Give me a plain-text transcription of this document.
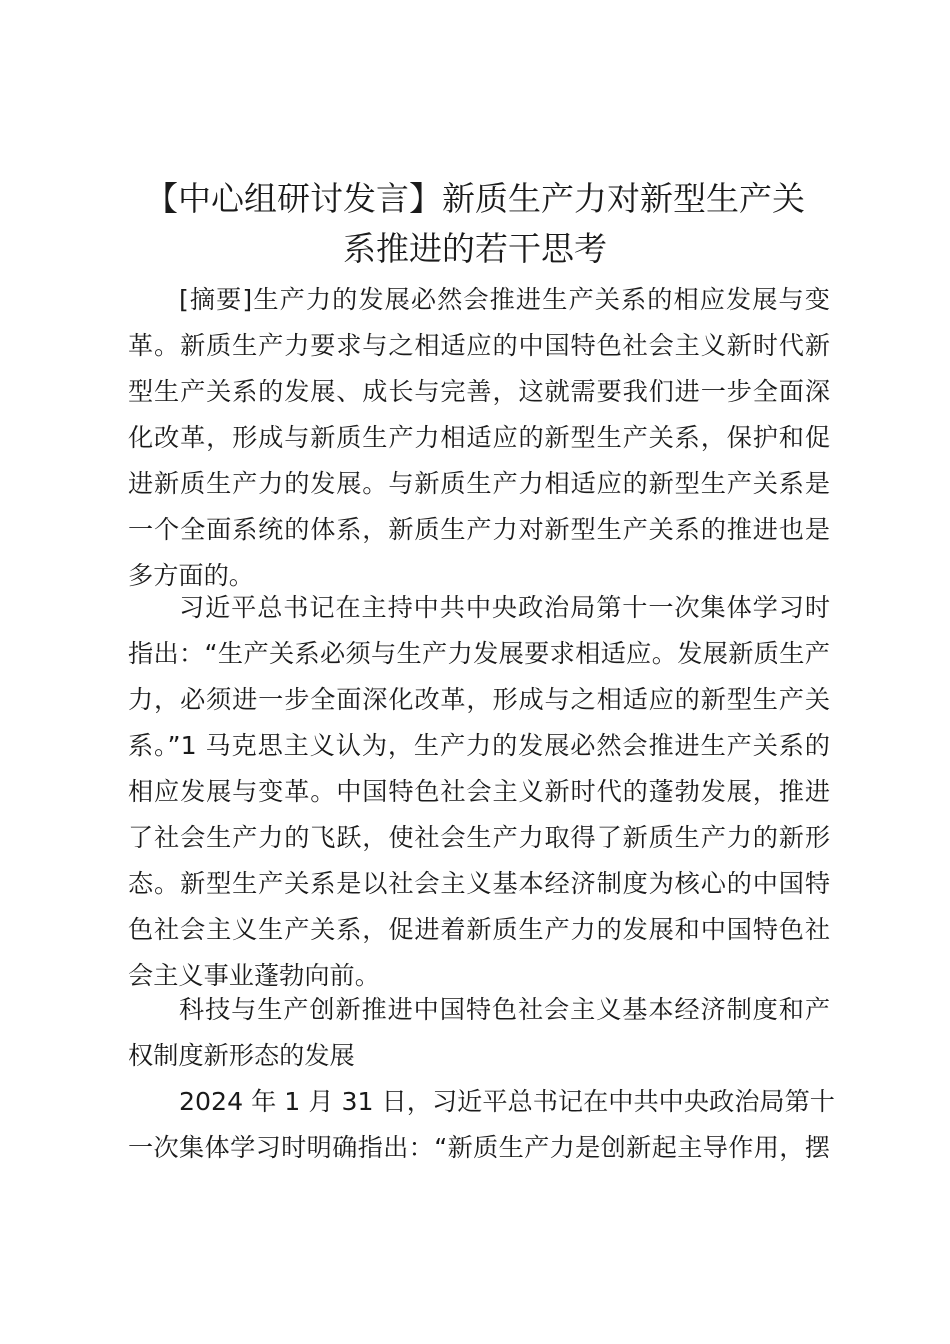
【中心组研讨发言】新质生产力对新型生产关
系推进的若干思考
[摘要]生产力的发展必然会推进生产关系的相应发展与变
革。新质生产力要求与之相适应的中国特色社会主义新时代新
型生产关系的发展、成长与完善，这就需要我们进一步全面深
化改革，形成与新质生产力相适应的新型生产关系，保护和促
进新质生产力的发展。与新质生产力相适应的新型生产关系是
一个全面系统的体系，新质生产力对新型生产关系的推进也是
多方面的。
习近平总书记在主持中共中央政治局第十一次集体学习时
指出：“生产关系必须与生产力发展要求相适应。发展新质生产
力，必须进一步全面深化改革，形成与之相适应的新型生产关
系。”1 马克思主义认为，生产力的发展必然会推进生产关系的
相应发展与变革。中国特色社会主义新时代的蓬勃发展，推进
了社会生产力的飞跃，使社会生产力取得了新质生产力的新形
态。新型生产关系是以社会主义基本经济制度为核心的中国特
色社会主义生产关系，促进着新质生产力的发展和中国特色社
会主义事业蓬勃向前。
科技与生产创新推进中国特色社会主义基本经济制度和产
权制度新形态的发展
2024 年 1 月 31 日，习近平总书记在中共中央政治局第十
一次集体学习时明确指出：“新质生产力是创新起主导作用，摆
